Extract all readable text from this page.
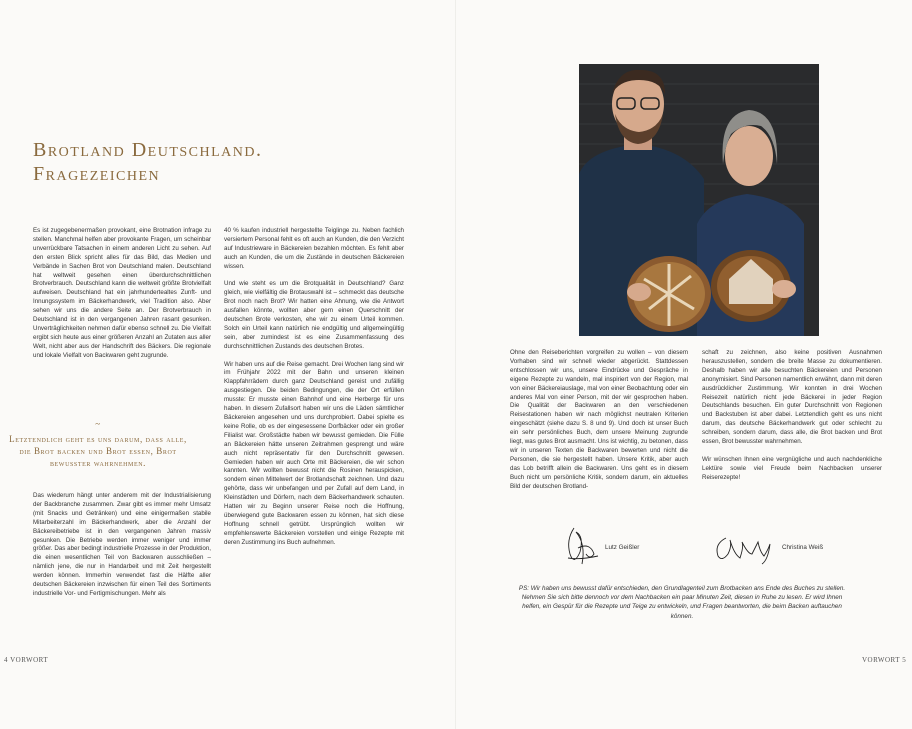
Brotland Deutschland. Fragezeichen

Es ist zugegebenermaßen provokant, eine Brotnation infrage zu stellen. Manchmal helfen aber provokante Fragen, um scheinbar unverrückbare Tatsachen in einem anderen Licht zu sehen. Auf den ersten Blick spricht alles für das Bild, das Medien und Verbände in Sachen Brot von Deutschland malen. Deutschland hat weltweit gesehen einen überdurchschnittlichen Brotverbrauch. Deutschland kann die weltweit größte Brotvielfalt aufweisen. Deutschland hat ein jahrhundertealtes Zunft- und Innungssystem im Bäckerhandwerk, viel Tradition also. Aber sehen wir uns die andere Seite an. Der Brotverbrauch in Deutschland ist in den vergangenen Jahren rasant gesunken. Unverträglichkeiten nehmen dafür ebenso schnell zu. Die Vielfalt ergibt sich heute aus einer größeren Anzahl an Zutaten aus aller Welt, nicht aber aus der Handschrift des Bäckers. Die regionale und lokale Vielfalt von Backwaren geht zugrunde.

~
Letztendlich geht es uns darum, dass alle, die Brot backen und Brot essen, Brot bewusster wahrnehmen.

Das wiederum hängt unter anderem mit der Industrialisierung der Backbranche zusammen. Zwar gibt es immer mehr Umsatz (mit Snacks und Getränken) und eine einigermaßen stabile Mitarbeiterzahl im Bäckerhandwerk, aber die Anzahl der Bäckereibetriebe ist in den vergangenen Jahren massiv gesunken. Die Betriebe werden immer weniger und immer größer. Das aber bedingt industrielle Prozesse in der Produktion, die einen wesentlichen Teil von Backwaren ausschließen – nämlich jene, die nur in Handarbeit und mit Zeit hergestellt werden können. Immerhin verwendet fast die Hälfte aller deutschen Bäckereien inzwischen für einen Teil des Sortiments industrielle Vor- und Fertigmischungen. Mehr als

40 % kaufen industriell hergestellte Teiglinge zu. Neben fachlich versiertem Personal fehlt es oft auch an Kunden, die den Verzicht auf Industrieware in Bäckereien bezahlen möchten. Es fehlt aber auch an Kunden, die um die Zustände in deutschen Bäckereien wissen.

Und wie steht es um die Brotqualität in Deutschland? Ganz gleich, wie vielfältig die Brotauswahl ist – schmeckt das deutsche Brot noch nach Brot? Wir hatten eine Ahnung, wie die Antwort ausfallen könnte, wollten aber gern einen Querschnitt der deutschen Brote verkosten, ehe wir zu einem Urteil kommen. Solch ein Urteil kann natürlich nie endgültig und allgemeingültig sein, aber zumindest ist es eine Zusammenfassung des durchschnittlichen Zustands des deutschen Brotes.

Wir haben uns auf die Reise gemacht. Drei Wochen lang sind wir im Frühjahr 2022 mit der Bahn und unseren kleinen Klappfahrrädern durch ganz Deutschland gereist und zufällig ausgestiegen. Die beiden Bedingungen, die der Ort erfüllen musste: Er musste einen Bahnhof und eine Herberge für uns haben. In diesem Zufallsort haben wir uns die Läden sämtlicher Bäckereien angesehen und uns durchprobiert. Dabei spielte es keine Rolle, ob es der eingesessene Dorfbäcker oder ein großer Filialist war. Großstädte haben wir bewusst gemieden. Die Fülle an Bäckereien hätte unseren Zeitrahmen gesprengt und wäre auch nicht repräsentativ für den Durchschnitt gewesen. Gemieden haben wir auch Orte mit Bäckereien, die wir schon kannten. Wir wollten bewusst nicht die Rosinen herauspicken, sondern einen Mittelwert der Brotlandschaft zeichnen. Und dazu gehörte, dass wir unbefangen und per Zufall auf dem Land, in Kleinstädten und Dörfern, nach dem Bäckerhandwerk schauten. Hatten wir zu Beginn unserer Reise noch die Hoffnung, überwiegend gute Backwaren essen zu können, hat sich diese Hoffnung schnell getrübt. Ursprünglich wollten wir empfehlenswerte Bäckereien vorstellen und einige Rezepte mit deren Zustimmung ins Buch aufnehmen.

4 VORWORT

Ohne den Reiseberichten vorgreifen zu wollen – von diesem Vorhaben sind wir schnell wieder abgerückt. Stattdessen entschlossen wir uns, unsere Eindrücke und Gespräche in eigene Rezepte zu wandeln, mal inspiriert von der Region, mal von einer Bäckereiauslage, mal von einer Beobachtung oder ein anderes Mal von einer Person, mit der wir gesprochen haben. Die Qualität der Backwaren an den verschiedenen Reisestationen haben wir nach möglichst neutralen Kriterien eingeschätzt (siehe dazu S. 8 und 9). Und doch ist unser Buch ein sehr persönliches Buch, dem unsere Meinung zugrunde liegt, was gutes Brot ausmacht. Uns ist wichtig, zu betonen, dass wir in unseren Texten die Backwaren bewerten und nicht die Personen, die sie hergestellt haben. Unsere Kritik, aber auch das Lob betrifft allein die Backwaren. Uns geht es in diesem Buch nicht um persönliche Kritik, sondern darum, ein aktuelles Bild der deutschen Brotland-

schaft zu zeichnen, also keine positiven Ausnahmen herauszustellen, sondern die breite Masse zu dokumentieren. Deshalb haben wir alle besuchten Bäckereien und Personen anonymisiert. Sind Personen namentlich erwähnt, dann mit deren ausdrücklicher Zustimmung. Wir konnten in drei Wochen Reisezeit natürlich nicht jede Bäckerei in jeder Region Deutschlands besuchen. Ein guter Durchschnitt von Regionen und Backstuben ist aber dabei. Letztendlich geht es uns nicht darum, das deutsche Bäckerhandwerk gut oder schlecht zu schreiben, sondern darum, dass alle, die Brot backen und Brot essen, Brot bewusster wahrnehmen.

Wir wünschen Ihnen eine vergnügliche und auch nachdenkliche Lektüre sowie viel Freude beim Nachbacken unserer Reiserezepte!

Lutz Geißler	Christina Weiß
PS: Wir haben uns bewusst dafür entschieden, den Grundlagenteil zum Brotbacken ans Ende des Buches zu stellen. Nehmen Sie sich bitte dennoch vor dem Nachbacken ein paar Minuten Zeit, diesen in Ruhe zu lesen. Er wird Ihnen helfen, ein Gespür für die Rezepte und Teige zu entwickeln, und Fragen beantworten, die beim Backen auftauchen können.
VORWORT 5
